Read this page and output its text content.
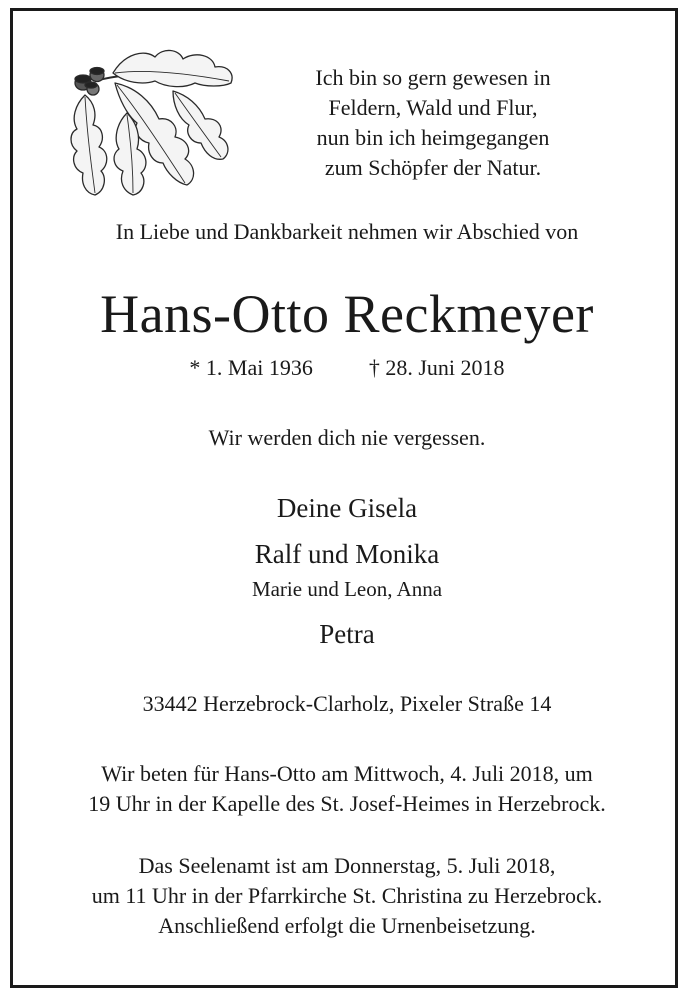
Ich bin so gern gewesen in
Feldern, Wald und Flur,
nun bin ich heimgegangen
zum Schöpfer der Natur.
In Liebe und Dankbarkeit nehmen wir Abschied von
Hans-Otto Reckmeyer
* 1. Mai 1936	† 28. Juni 2018
Wir werden dich nie vergessen.
Deine Gisela
Ralf und Monika
Marie und Leon, Anna
Petra
33442 Herzebrock-Clarholz, Pixeler Straße 14
Wir beten für Hans-Otto am Mittwoch, 4. Juli 2018, um
19 Uhr in der Kapelle des St. Josef-Heimes in Herzebrock.
Das Seelenamt ist am Donnerstag, 5. Juli 2018,
um 11 Uhr in der Pfarrkirche St. Christina zu Herzebrock.
Anschließend erfolgt die Urnenbeisetzung.
